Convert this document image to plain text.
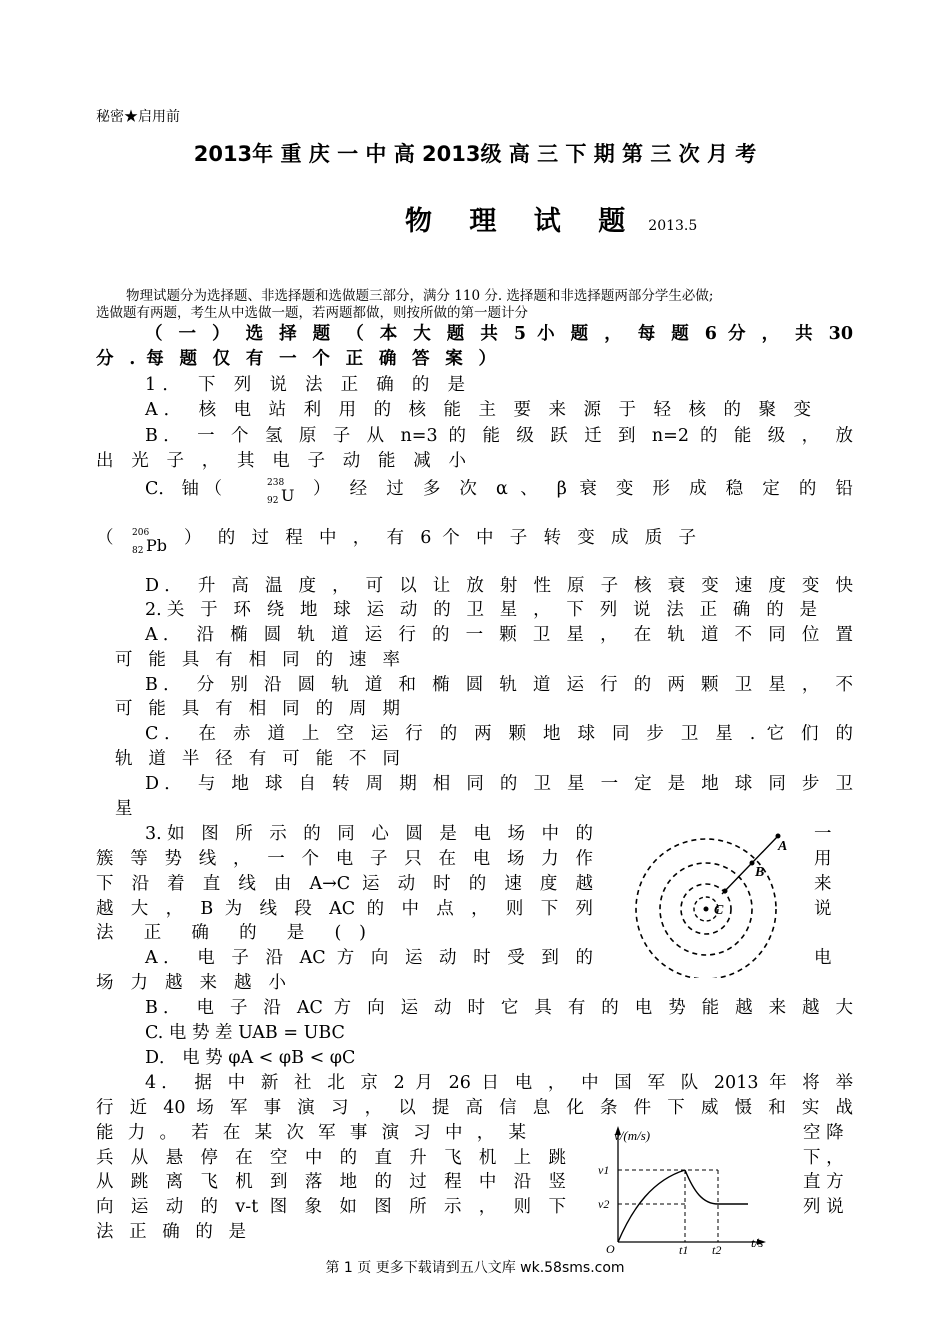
秘密★启用前
2013年 重 庆 一 中 高 2013级 高 三 下 期 第 三 次 月 考
物 理 试 题 2013.5
物理试题分为选择题、非选择题和选做题三部分，满分 110 分. 选择题和非选择题两部分学生必做;
选做题有两题，考生从中选做一题，若两题都做，则按所做的第一题计分
（ 一 ） 选 择 题 （ 本 大 题 共 5 小 题 ， 每 题 6 分 ， 共 30
分 . 每 题 仅 有 一 个 正 确 答 案 ）
1． 下 列 说 法 正 确 的 是
A． 核 电 站 利 用 的 核 能 主 要 来 源 于 轻 核 的 聚 变
B． 一 个 氢 原 子 从 n=3 的 能 级 跃 迁 到 n=2 的 能 级 ， 放
出 光 子 ， 其 电 子 动 能 减 小
C． 铀 （	238
92 U ） 经 过 多 次 α 、 β 衰 变 形 成 稳 定 的 铅
（ 206
82 Pb ） 的 过 程 中 ， 有 6 个 中 子 转 变 成 质 子
D． 升 高 温 度 ， 可 以 让 放 射 性 原 子 核 衰 变 速 度 变 快
2.关 于 环 绕 地 球 运 动 的 卫 星 ， 下 列 说 法 正 确 的 是
A． 沿 椭 圆 轨 道 运 行 的 一 颗 卫 星 ， 在 轨 道 不 同 位 置
可 能 具 有 相 同 的 速 率
B． 分 别 沿 圆 轨 道 和 椭 圆 轨 道 运 行 的 两 颗 卫 星 ， 不
可 能 具 有 相 同 的 周 期
C． 在 赤 道 上 空 运 行 的 两 颗 地 球 同 步 卫 星 . 它 们 的
轨 道 半 径 有 可 能 不 同
D． 与 地 球 自 转 周 期 相 同 的 卫 星 一 定 是 地 球 同 步 卫
星
3.如 图 所 示 的 同 心 圆 是 电 场 中 的	一
簇 等 势 线 ， 一 个 电 子 只 在 电 场 力 作	用
下 沿 着 直 线 由 A→C 运 动 时 的 速 度 越	来
越 大 ， B 为 线 段 AC 的 中 点 ， 则 下 列	说
法 正 确 的 是 ( )
A． 电 子 沿 AC 方 向 运 动 时 受 到 的	电
场 力 越 来 越 小
B． 电 子 沿 AC 方 向 运 动 时 它 具 有 的 电 势 能 越 来 越 大
C. 电 势 差 UAB = UBC
D． 电 势 φA < φB < φC
A
B
C
4． 据 中 新 社 北 京 2 月 26 日 电 ， 中 国 军 队 2013 年 将 举
行 近 40 场 军 事 演 习 ， 以 提 高 信 息 化 条 件 下 威 慑 和 实 战
能 力 。 若 在 某 次 军 事 演 习 中 ， 某	空 降
兵 从 悬 停 在 空 中 的 直 升 飞 机 上 跳	下 ，
从 跳 离 飞 机 到 落 地 的 过 程 中 沿 竖	直 方
向 运 动 的 v-t 图 象 如 图 所 示 ， 则 下	列 说
法 正 确 的 是
v/(m/s)
t/s
O
v1
v2
t1 t2
第 1 页 更多下载请到五八文库 wk.58sms.com
